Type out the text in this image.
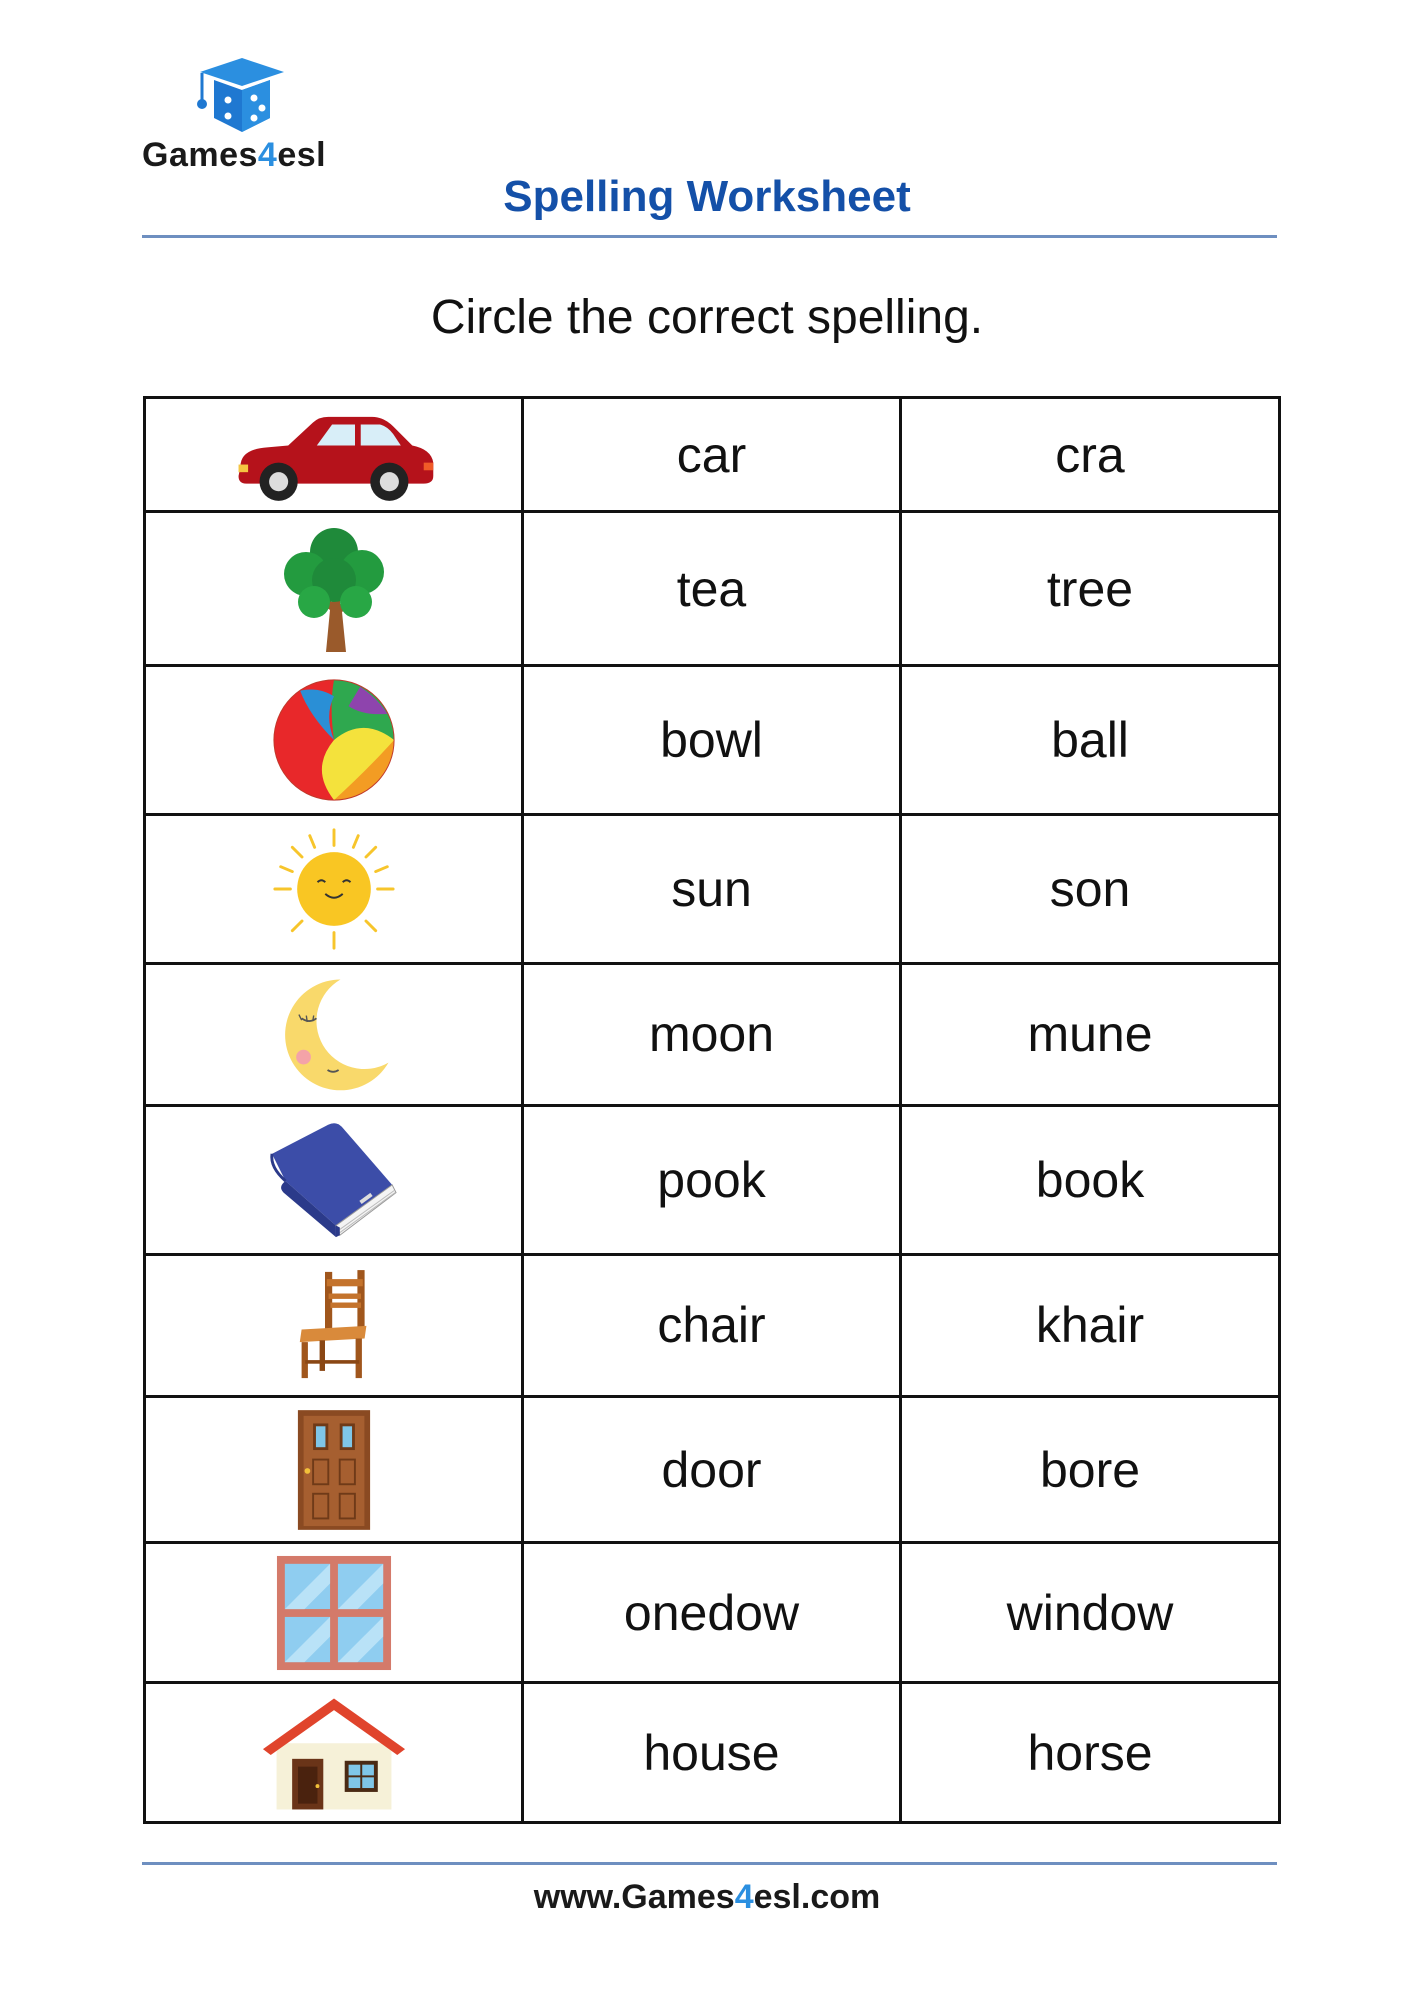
Games4esl
Spelling Worksheet
Circle the correct spelling.
	car	cra

	tea	tree

	bowl	ball

	sun	son

	moon	mune

	pook	book

	chair	khair

	door	bore

	onedow	window

	house	horse
www.Games4esl.com
